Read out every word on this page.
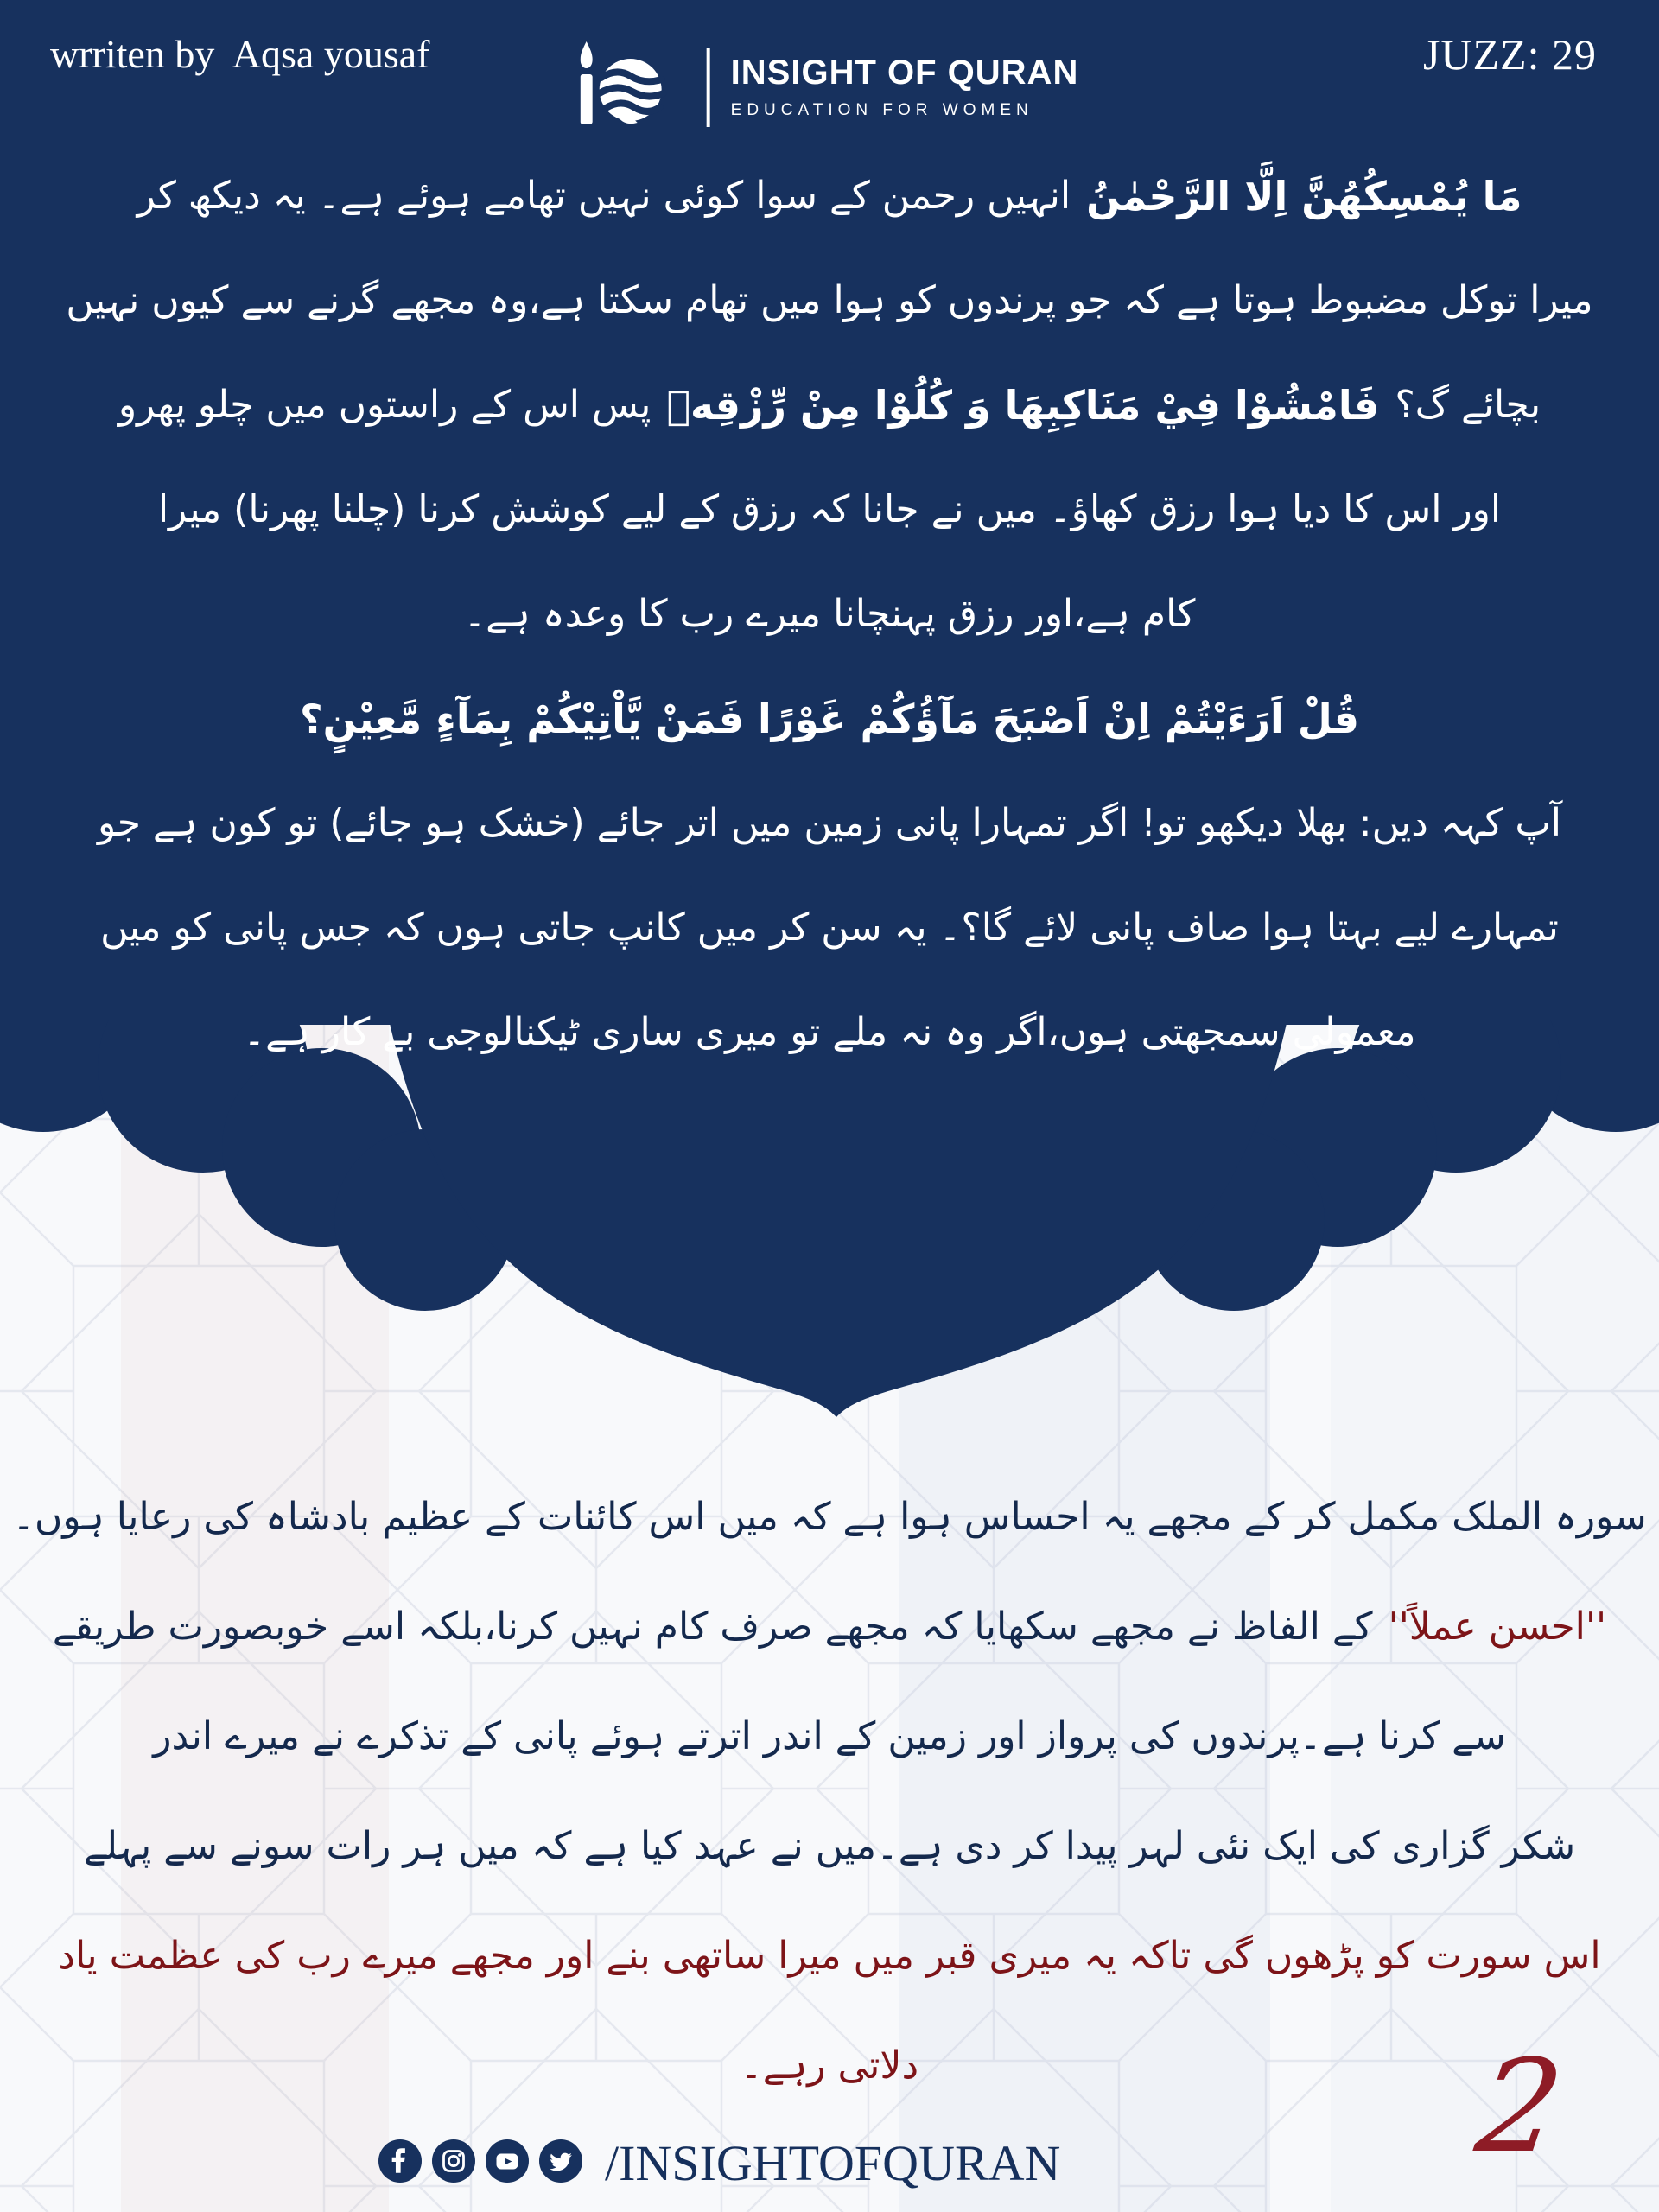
wrriten by  Aqsa yousaf	JUZZ: 29
INSIGHT OF QURAN
EDUCATION FOR WOMEN
مَا يُمْسِكُهُنَّ اِلَّا الرَّحْمٰنُ
انہیں رحمن کے سوا کوئی نہیں تھامے ہوئے ہے۔ یہ دیکھ کر
میرا توکل مضبوط ہوتا ہے کہ جو پرندوں کو ہوا میں تھام سکتا ہے،وہ مجھے گرنے سے کیوں نہیں
بچائے گ؟
فَامْشُوْا فِيْ مَنَاكِبِهَا وَ كُلُوْا مِنْ رِّزْقِهٖ
پس اس کے راستوں میں چلو پھرو
اور اس کا دیا ہوا رزق کھاؤ۔ میں نے جانا کہ رزق کے لیے کوشش کرنا (چلنا پھرنا) میرا
کام ہے،اور رزق پہنچانا میرے رب کا وعدہ ہے۔
قُلْ اَرَءَيْتُمْ اِنْ اَصْبَحَ مَآؤُكُمْ غَوْرًا فَمَنْ يَّاْتِيْكُمْ بِمَآءٍ مَّعِيْنٍ؟
آپ کہہ دیں: بھلا دیکھو تو! اگر تمہارا پانی زمین میں اتر جائے (خشک ہو جائے) تو کون ہے جو
تمہارے لیے بہتا ہوا صاف پانی لائے گا؟۔ یہ سن کر میں کانپ جاتی ہوں کہ جس پانی کو میں
معمولی سمجھتی ہوں،اگر وہ نہ ملے تو میری ساری ٹیکنالوجی بے کار ہے۔
سورہ الملک مکمل کر کے مجھے یہ احساس ہوا ہے کہ میں اس کائنات کے عظیم بادشاہ کی رعایا ہوں۔
''احسن عملاً''
کے الفاظ نے مجھے سکھایا کہ مجھے صرف کام نہیں کرنا،بلکہ اسے خوبصورت طریقے
سے کرنا ہے۔پرندوں کی پرواز اور زمین کے اندر اترتے ہوئے پانی کے تذکرے نے میرے اندر
شکر گزاری کی ایک نئی لہر پیدا کر دی ہے۔میں نے عہد کیا ہے کہ میں ہر رات سونے سے پہلے
اس سورت کو پڑھوں گی تاکہ یہ میری قبر میں میرا ساتھی بنے اور مجھے میرے رب کی عظمت یاد
دلاتی رہے۔
/INSIGHTOFQURAN	2
